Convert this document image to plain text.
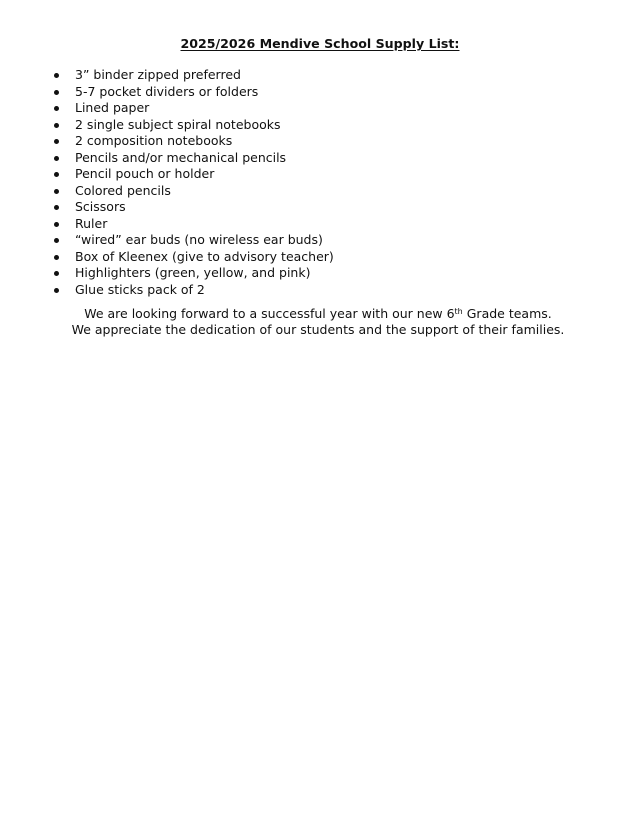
2025/2026 Mendive School Supply List:
3” binder zipped preferred
5-7 pocket dividers or folders
Lined paper
2 single subject spiral notebooks
2 composition notebooks
Pencils and/or mechanical pencils
Pencil pouch or holder
Colored pencils
Scissors
Ruler
“wired” ear buds (no wireless ear buds)
Box of Kleenex (give to advisory teacher)
Highlighters (green, yellow, and pink)
Glue sticks pack of 2
We are looking forward to a successful year with our new 6th Grade teams.
We appreciate the dedication of our students and the support of their families.
